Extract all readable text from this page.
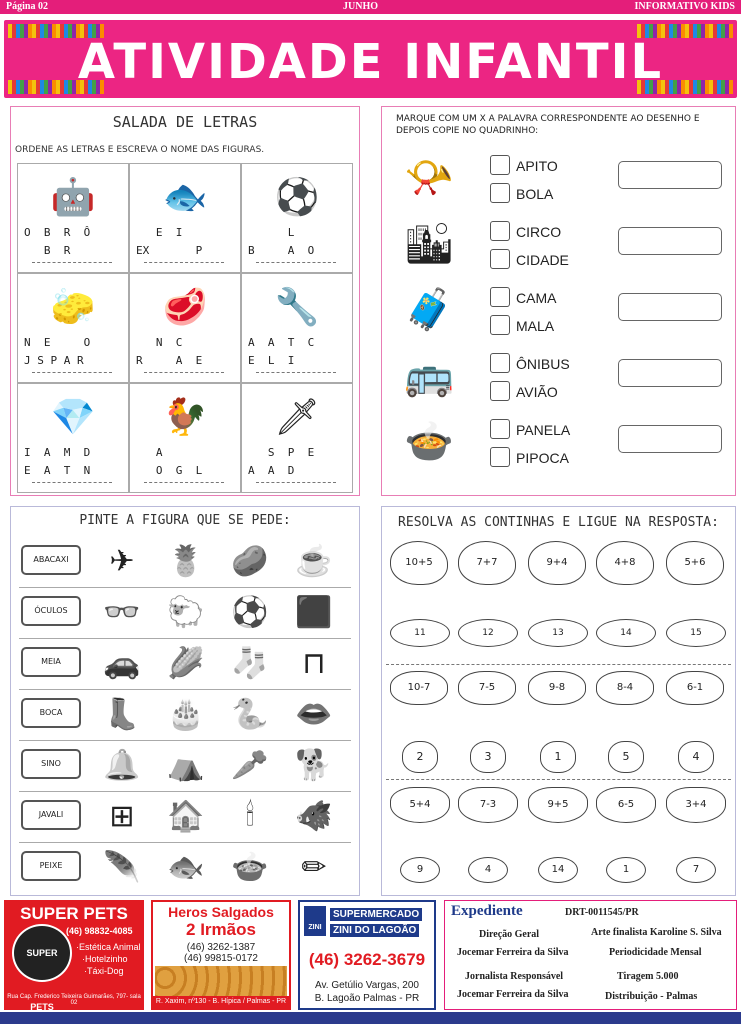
Página 02	JUNHO	INFORMATIVO KIDS
ATIVIDADE INFANTIL
SALADA DE LETRAS
ORDENE AS LETRAS E ESCREVA O NOME DAS FIGURAS.
🤖
O  B  R  Ô
B  R
🐟
E  I
EX       P
⚽
L
B     A  O
🧽
N  E     O
J S P A R
🥩
N  C
R     A  E
🔧
A  A  T  C
E  L  I
💎
I  A  M  D
E  A  T  N
🐓
A
O  G  L
🗡
S  P  E
A  A  D
MARQUE COM UM X A PALAVRA CORRESPONDENTE AO DESENHO E DEPOIS COPIE NO QUADRINHO:
📯	APITO
BOLA
🏙	CIRCO
CIDADE
🧳	CAMA
MALA
🚌	ÔNIBUS
AVIÃO
🍲	PANELA
PIPOCA
PINTE A FIGURA QUE SE PEDE:
ABACAXI	✈	🍍 🥔 ☕
ÓCULOS	👓 🐑 ⚽ ⬛
MEIA	🚗 🌽 🧦	⊓
BOCA	👢 🎂 🐍 👄
SINO	🔔 ⛺ 🥕 🐕
JAVALI	⊞	🏠	🕯	🐗
PEIXE	🪶 🐟 🍲	✏
RESOLVA AS CONTINHAS E LIGUE NA RESPOSTA:
10+5	7+7	9+4	4+8	5+6
11	12	13	14	15
10-7	7-5	9-8	8-4	6-1
2	3	1	5	4
5+4	7-3	9+5	6-5	3+4
9	4	14	1	7
SUPER PETS
SUPER PETS
(46) 98832-4085
·Estética Animal
·Hotelzinho
·Táxi-Dog
Rua Cap. Frederico Teixeira Guimarães, 797- sala 02
Heros Salgados
2 Irmãos
(46) 3262-1387
(46) 99815-0172
R. Xaxim, nº130 - B. Hípica / Palmas - PR
ZINI
SUPERMERCADO
ZINI DO LAGOÃO
(46) 3262-3679
Av. Getúlio Vargas, 200
B. Lagoão Palmas - PR
Expediente	DRT-0011545/PR
Direção Geral
Jocemar Ferreira da Silva
Jornalista Responsável
Jocemar Ferreira da Silva
Arte finalista Karoline S. Silva
Periodicidade Mensal
Tiragem 5.000
Distribuição - Palmas
